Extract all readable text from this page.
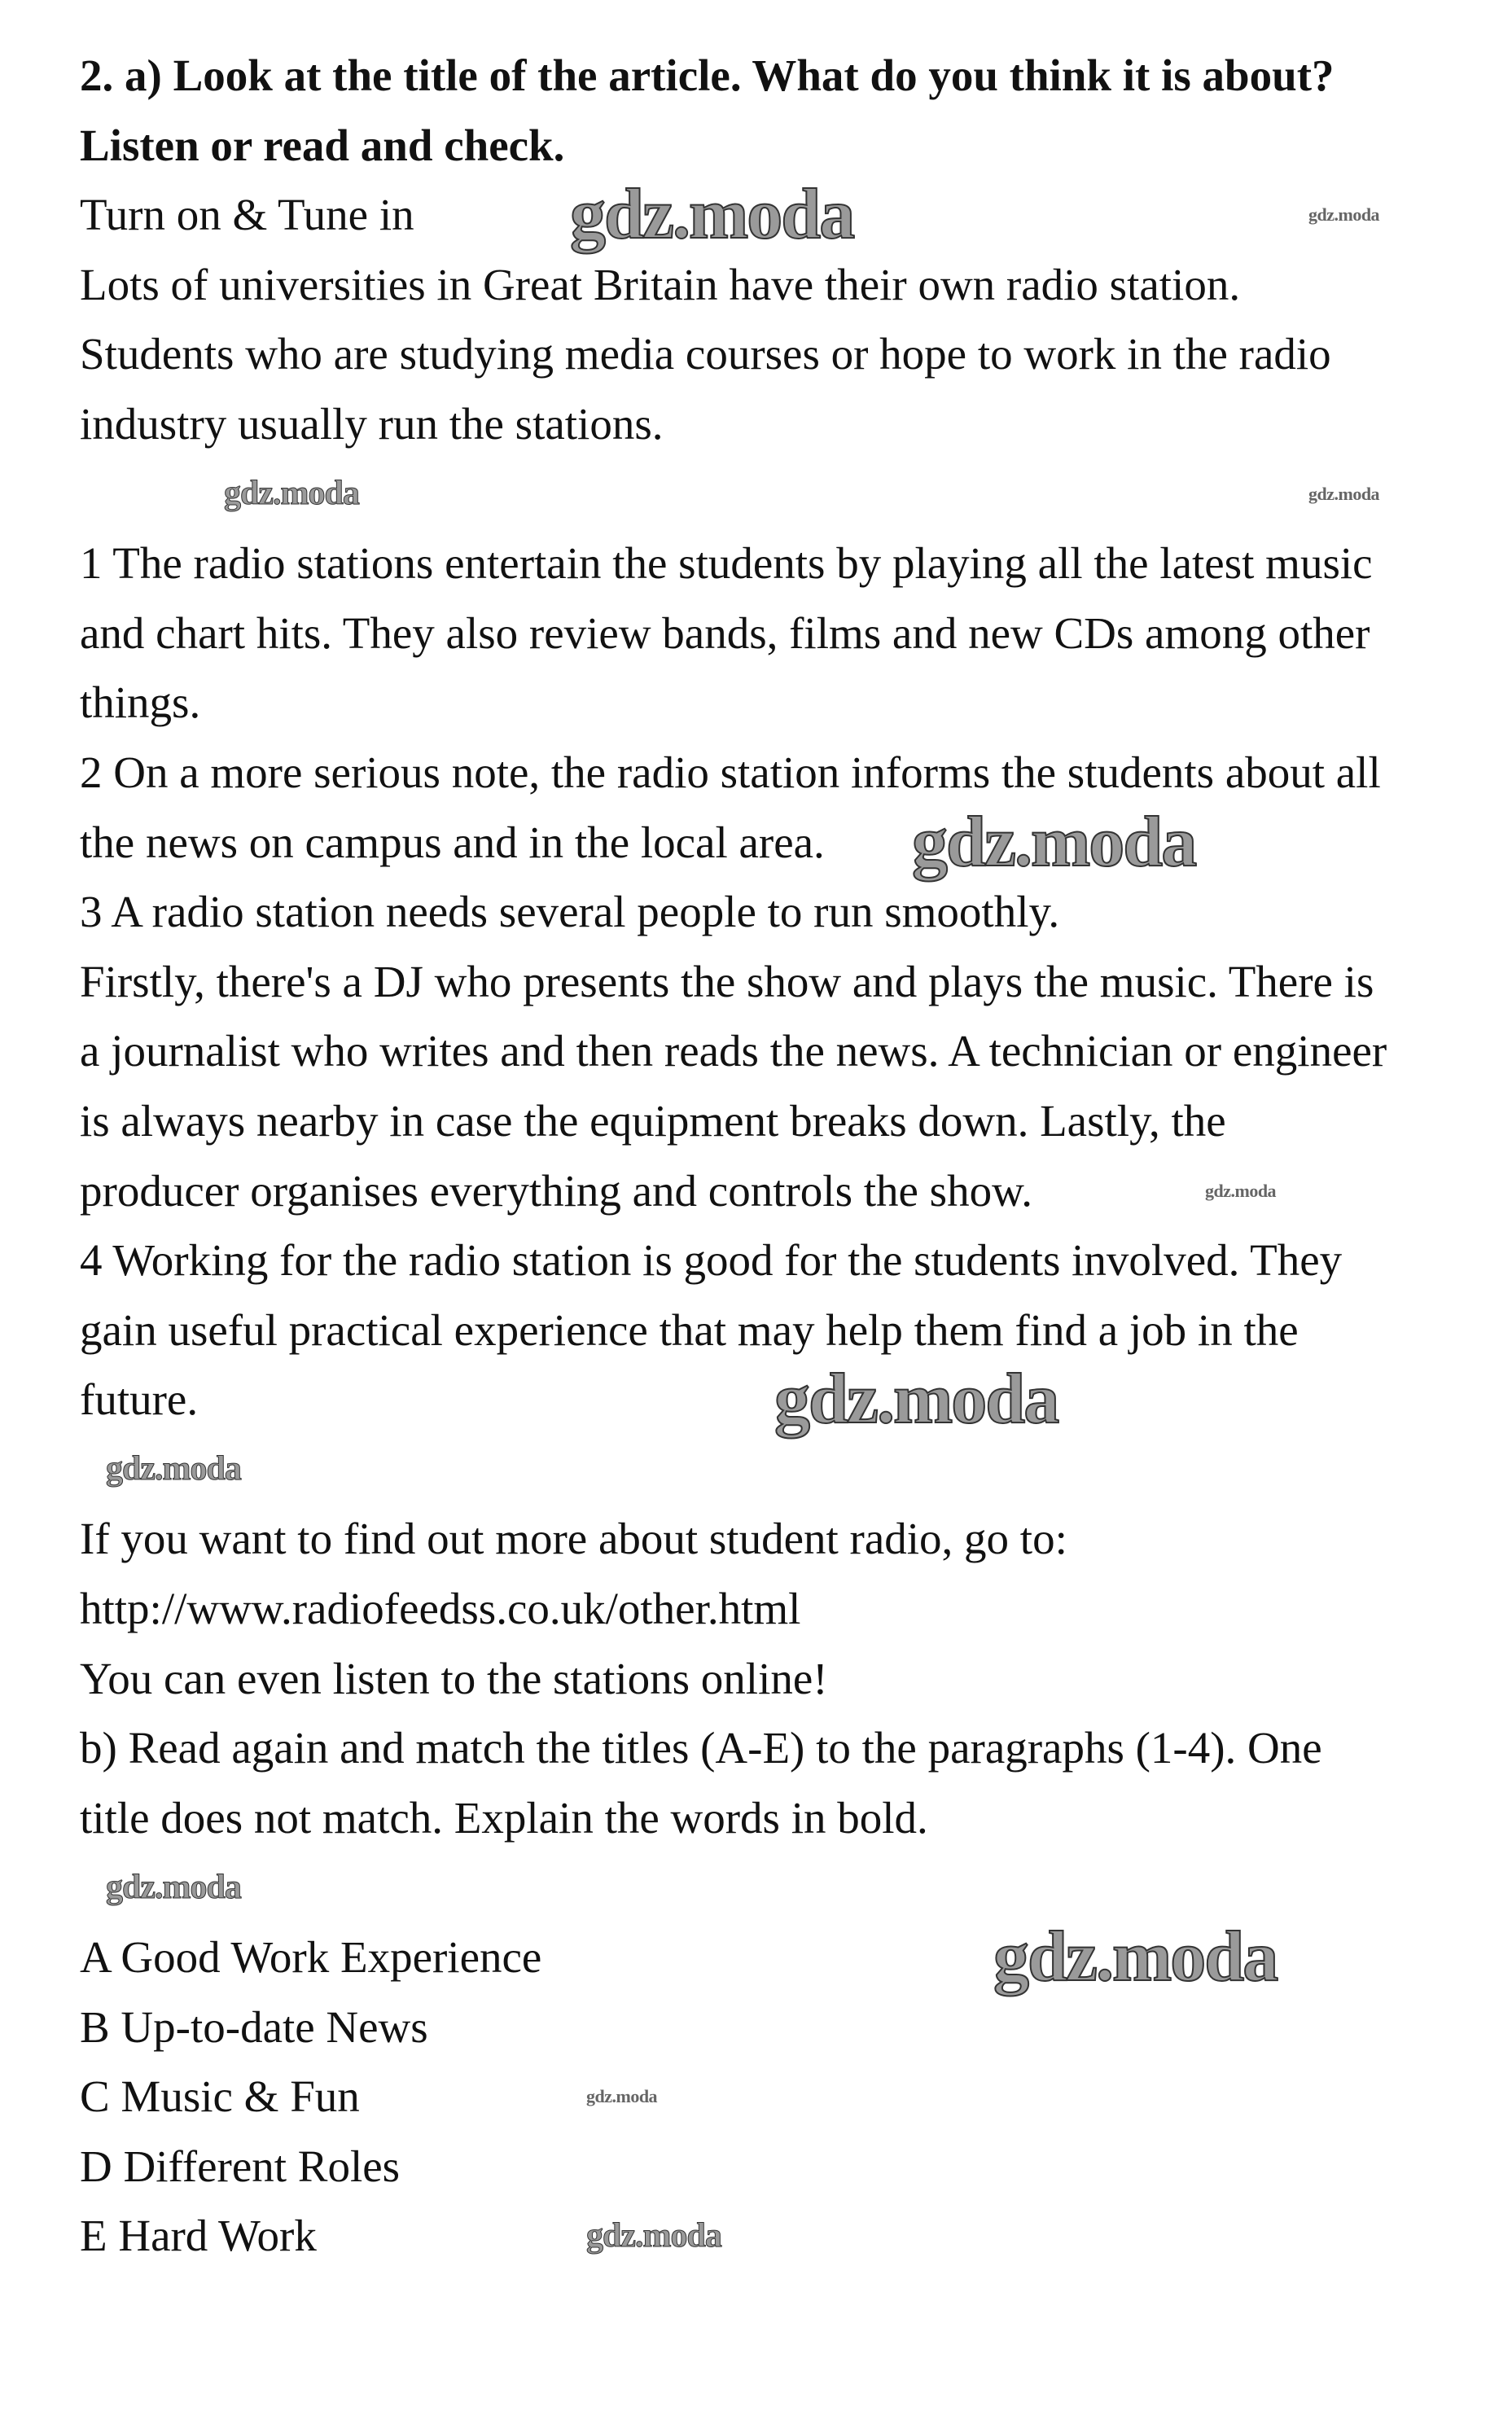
2. a) Look at the title of the article. What do you think it is about?
Listen or read and check.
Turn on & Tune in
Lots of universities in Great Britain have their own radio station.
Students who are studying media courses or hope to work in the radio
industry usually run the stations.
1 The radio stations entertain the students by playing all the latest music
and chart hits. They also review bands, films and new CDs among other
things.
2 On a more serious note, the radio station informs the students about all
the news on campus and in the local area.
3 A radio station needs several people to run smoothly.
Firstly, there's a DJ who presents the show and plays the music. There is
a journalist who writes and then reads the news. A technician or engineer
is always nearby in case the equipment breaks down. Lastly, the
producer organises everything and controls the show.
4 Working for the radio station is good for the students involved. They
gain useful practical experience that may help them find a job in the
future.
If you want to find out more about student radio, go to:
http://www.radiofeedss.co.uk/other.html
You can even listen to the stations online!
b) Read again and match the titles (A-E) to the paragraphs (1-4). One
title does not match. Explain the words in bold.
A Good Work Experience
B Up-to-date News
C Music & Fun
D Different Roles
E Hard Work
gdz.moda	gdz.moda
gdz.moda
gdz.moda
gdz.moda
gdz.moda
gdz.moda
gdz.moda
gdz.moda
gdz.moda
gdz.moda
gdz.moda
